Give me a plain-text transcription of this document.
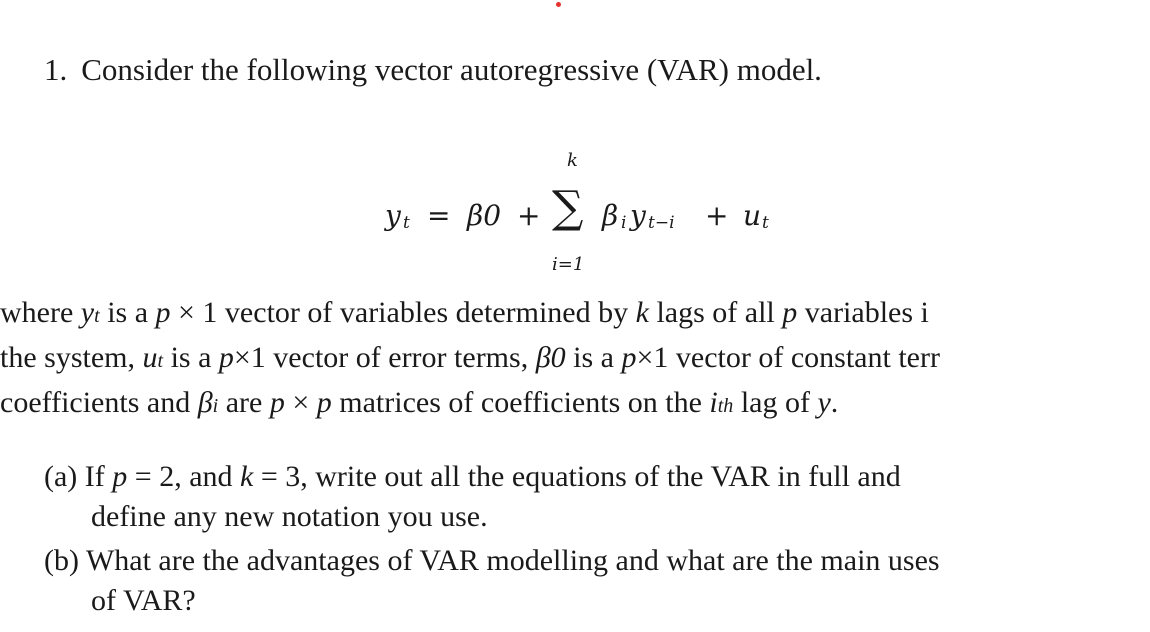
1. Consider the following vector autoregressive (VAR) model.
y t = β0 +
k
∑
i=1
β i y t−i + u t
where yt is a p × 1 vector of variables determined by k lags of all p variables i
the system, ut is a p×1 vector of error terms, β0 is a p×1 vector of constant terr
coefficients and βi are p × p matrices of coefficients on the ith lag of y.
(a) If p = 2, and k = 3, write out all the equations of the VAR in full and
define any new notation you use.
(b) What are the advantages of VAR modelling and what are the main uses
of VAR?
